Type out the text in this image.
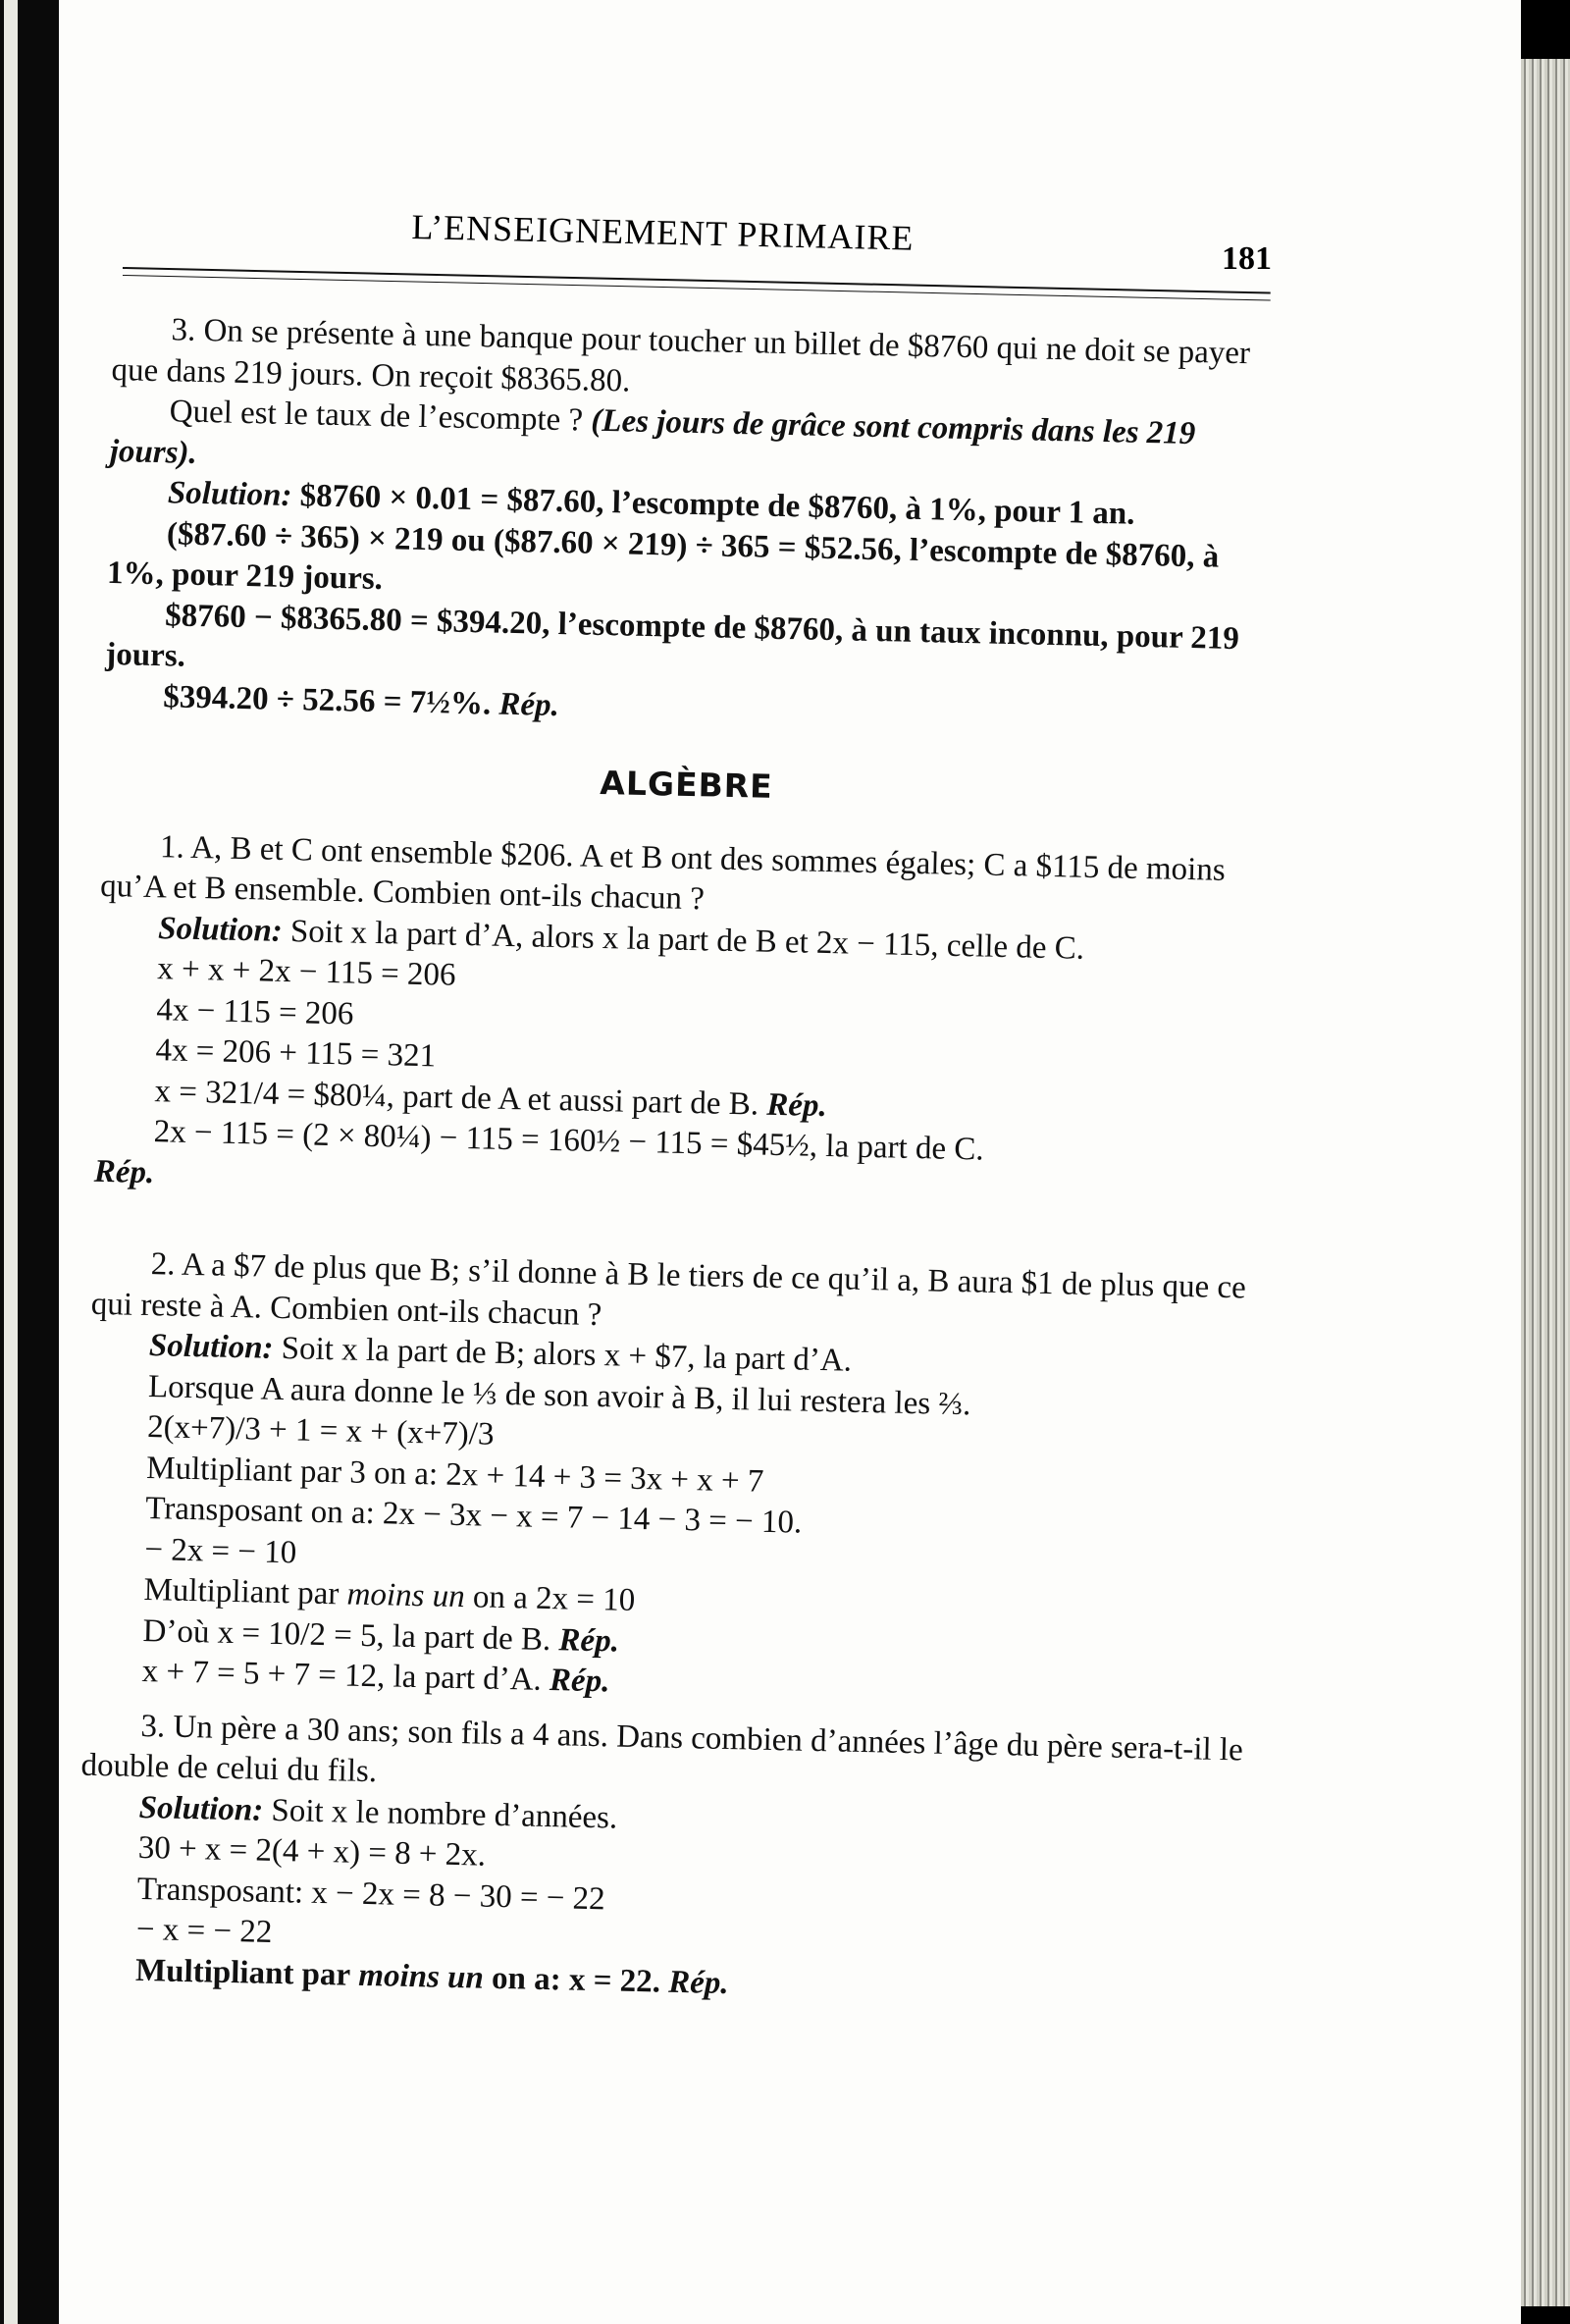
L’ENSEIGNEMENT PRIMAIRE
181

3. On se présente à une banque pour toucher un billet de $8760 qui ne doit se payer que dans 219 jours. On reçoit $8365.80.

Quel est le taux de l’escompte ? (Les jours de grâce sont compris dans les 219 jours).

Solution: $8760 × 0.01 = $87.60, l’escompte de $8760, à 1%, pour 1 an.

($87.60 ÷ 365) × 219 ou ($87.60 × 219) ÷ 365 = $52.56, l’escompte de $8760, à 1%, pour 219 jours.

$8760 − $8365.80 = $394.20, l’escompte de $8760, à un taux inconnu, pour 219 jours.

$394.20 ÷ 52.56 = 7½%. Rép.

ALGÈBRE

1. A, B et C ont ensemble $206. A et B ont des sommes égales; C a $115 de moins qu’A et B ensemble. Combien ont-ils chacun ?

Solution: Soit x la part d’A, alors x la part de B et 2x − 115, celle de C.

x + x + 2x − 115 = 206

4x − 115 = 206

4x = 206 + 115 = 321

x = 321/4 = $80¼, part de A et aussi part de B. Rép.

2x − 115 = (2 × 80¼) − 115 = 160½ − 115 = $45½, la part de C.

Rép.

2. A a $7 de plus que B; s’il donne à B le tiers de ce qu’il a, B aura $1 de plus que ce qui reste à A. Combien ont-ils chacun ?

Solution: Soit x la part de B; alors x + $7, la part d’A.

Lorsque A aura donne le ⅓ de son avoir à B, il lui restera les ⅔.

2(x+7)/3 + 1 = x + (x+7)/3

Multipliant par 3 on a: 2x + 14 + 3 = 3x + x + 7

Transposant on a: 2x − 3x − x = 7 − 14 − 3 = − 10.

− 2x = − 10

Multipliant par moins un on a 2x = 10

D’où x = 10/2 = 5, la part de B. Rép.

x + 7 = 5 + 7 = 12, la part d’A. Rép.

3. Un père a 30 ans; son fils a 4 ans. Dans combien d’années l’âge du père sera-t-il le double de celui du fils.

Solution: Soit x le nombre d’années.

30 + x = 2(4 + x) = 8 + 2x.

Transposant: x − 2x = 8 − 30 = − 22

− x = − 22

Multipliant par moins un on a: x = 22. Rép.
